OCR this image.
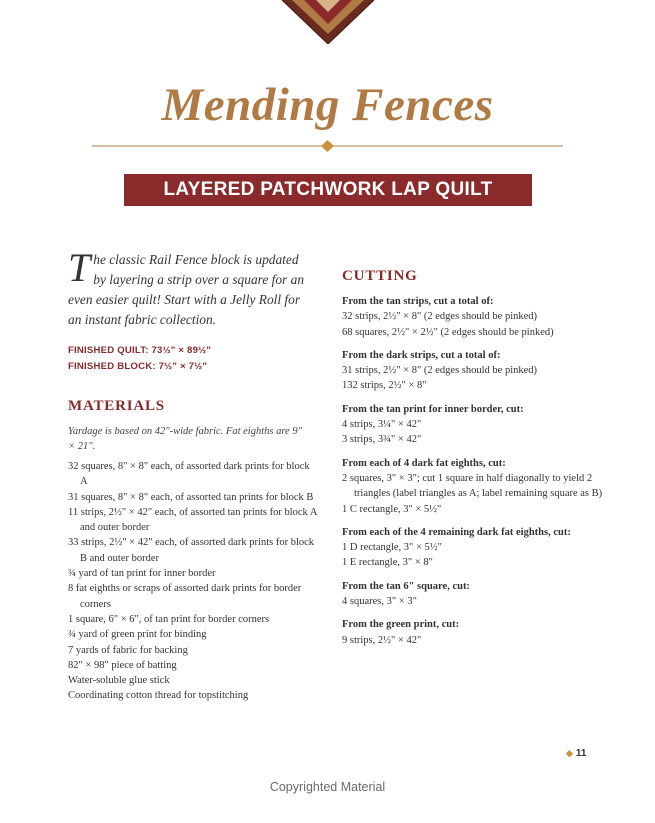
Mending Fences
LAYERED PATCHWORK LAP QUILT
The classic Rail Fence block is updated by layering a strip over a square for an even easier quilt! Start with a Jelly Roll for an instant fabric collection.
FINISHED QUILT: 73½" × 89½"
FINISHED BLOCK: 7½" × 7½"
MATERIALS
Yardage is based on 42"-wide fabric. Fat eighths are 9" × 21".
32 squares, 8" × 8" each, of assorted dark prints for block A
31 squares, 8" × 8" each, of assorted tan prints for block B
11 strips, 2½" × 42" each, of assorted tan prints for block A and outer border
33 strips, 2½" × 42" each, of assorted dark prints for block B and outer border
¾ yard of tan print for inner border
8 fat eighths or scraps of assorted dark prints for border corners
1 square, 6" × 6", of tan print for border corners
¾ yard of green print for binding
7 yards of fabric for backing
82" × 98" piece of batting
Water-soluble glue stick
Coordinating cotton thread for topstitching
CUTTING
From the tan strips, cut a total of:
32 strips, 2½" × 8" (2 edges should be pinked)
68 squares, 2½" × 2½" (2 edges should be pinked)
From the dark strips, cut a total of:
31 strips, 2½" × 8" (2 edges should be pinked)
132 strips, 2½" × 8"
From the tan print for inner border, cut:
4 strips, 3¼" × 42"
3 strips, 3¾" × 42"
From each of 4 dark fat eighths, cut:
2 squares, 3" × 3"; cut 1 square in half diagonally to yield 2 triangles (label triangles as A; label remaining square as B)
1 C rectangle, 3" × 5½"
From each of the 4 remaining dark fat eighths, cut:
1 D rectangle, 3" × 5½"
1 E rectangle, 3" × 8"
From the tan 6" square, cut:
4 squares, 3" × 3"
From the green print, cut:
9 strips, 2½" × 42"
◆ 11
Copyrighted Material
